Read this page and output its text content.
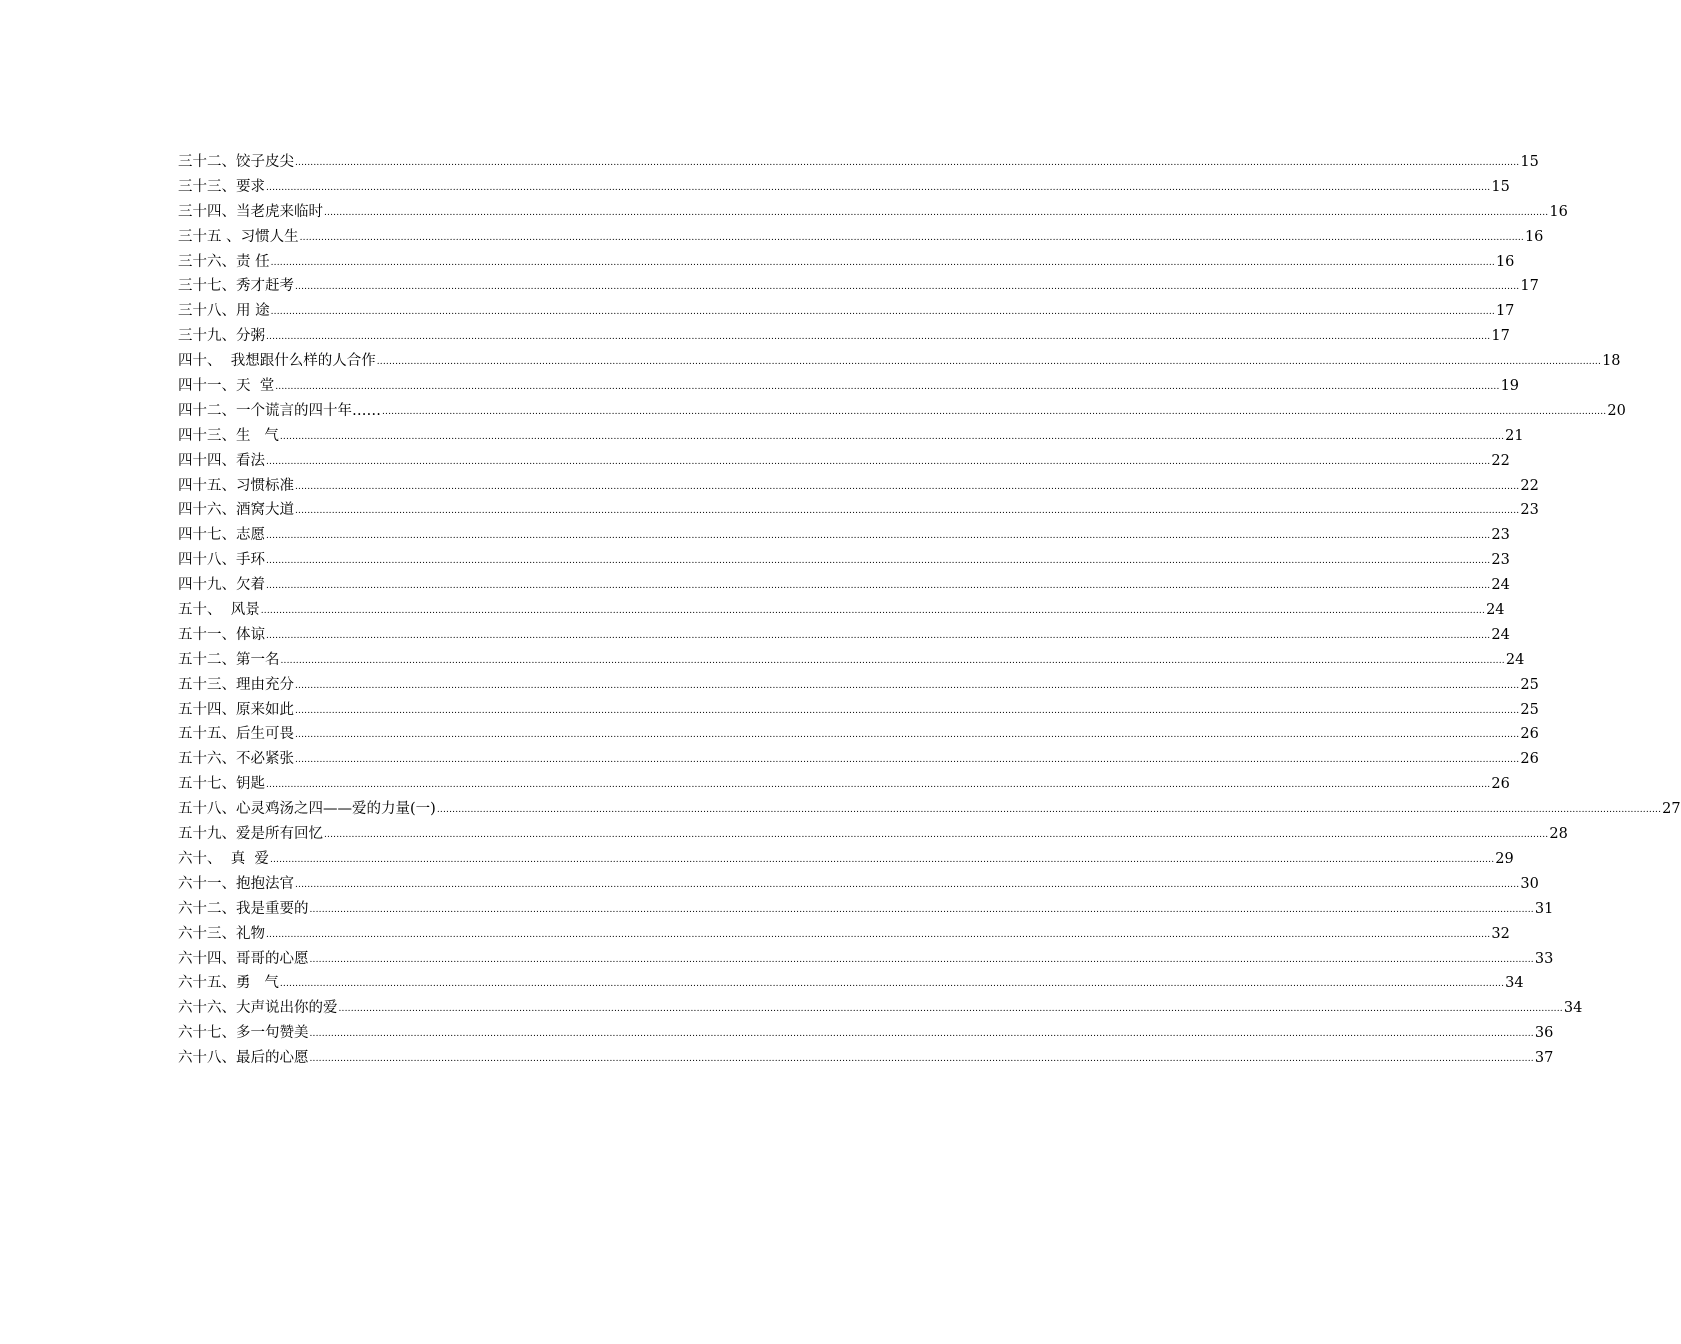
三十二、饺子皮尖 ................................................................................................................................................................................................................................................................................................................................................................................................................ 15
三十三、要求 ................................................................................................................................................................................................................................................................................................................................................................................................................ 15
三十四、当老虎来临时 ................................................................................................................................................................................................................................................................................................................................................................................................................ 16
三十五 、习惯人生 ................................................................................................................................................................................................................................................................................................................................................................................................................ 16
三十六、责 任 ................................................................................................................................................................................................................................................................................................................................................................................................................ 16
三十七、秀才赶考 ................................................................................................................................................................................................................................................................................................................................................................................................................ 17
三十八、用 途 ................................................................................................................................................................................................................................................................................................................................................................................................................ 17
三十九、分粥 ................................................................................................................................................................................................................................................................................................................................................................................................................ 17
四十、  我想跟什么样的人合作 ................................................................................................................................................................................................................................................................................................................................................................................................................ 18
四十一、天  堂 ................................................................................................................................................................................................................................................................................................................................................................................................................ 19
四十二、一个谎言的四十年…… ................................................................................................................................................................................................................................................................................................................................................................................................................ 20
四十三、生   气 ................................................................................................................................................................................................................................................................................................................................................................................................................ 21
四十四、看法 ................................................................................................................................................................................................................................................................................................................................................................................................................ 22
四十五、习惯标准 ................................................................................................................................................................................................................................................................................................................................................................................................................ 22
四十六、酒窝大道 ................................................................................................................................................................................................................................................................................................................................................................................................................ 23
四十七、志愿 ................................................................................................................................................................................................................................................................................................................................................................................................................ 23
四十八、手环 ................................................................................................................................................................................................................................................................................................................................................................................................................ 23
四十九、欠着 ................................................................................................................................................................................................................................................................................................................................................................................................................ 24
五十、  风景 ................................................................................................................................................................................................................................................................................................................................................................................................................ 24
五十一、体谅 ................................................................................................................................................................................................................................................................................................................................................................................................................ 24
五十二、第一名 ................................................................................................................................................................................................................................................................................................................................................................................................................ 24
五十三、理由充分 ................................................................................................................................................................................................................................................................................................................................................................................................................ 25
五十四、原来如此 ................................................................................................................................................................................................................................................................................................................................................................................................................ 25
五十五、后生可畏 ................................................................................................................................................................................................................................................................................................................................................................................................................ 26
五十六、不必紧张 ................................................................................................................................................................................................................................................................................................................................................................................................................ 26
五十七、钥匙 ................................................................................................................................................................................................................................................................................................................................................................................................................ 26
五十八、心灵鸡汤之四——爱的力量(一) ................................................................................................................................................................................................................................................................................................................................................................................................................ 27
五十九、爱是所有回忆 ................................................................................................................................................................................................................................................................................................................................................................................................................ 28
六十、  真  爱 ................................................................................................................................................................................................................................................................................................................................................................................................................ 29
六十一、抱抱法官 ................................................................................................................................................................................................................................................................................................................................................................................................................ 30
六十二、我是重要的 ................................................................................................................................................................................................................................................................................................................................................................................................................ 31
六十三、礼物 ................................................................................................................................................................................................................................................................................................................................................................................................................ 32
六十四、哥哥的心愿 ................................................................................................................................................................................................................................................................................................................................................................................................................ 33
六十五、勇   气 ................................................................................................................................................................................................................................................................................................................................................................................................................ 34
六十六、大声说出你的爱 ................................................................................................................................................................................................................................................................................................................................................................................................................ 34
六十七、多一句赞美 ................................................................................................................................................................................................................................................................................................................................................................................................................ 36
六十八、最后的心愿 ................................................................................................................................................................................................................................................................................................................................................................................................................ 37
